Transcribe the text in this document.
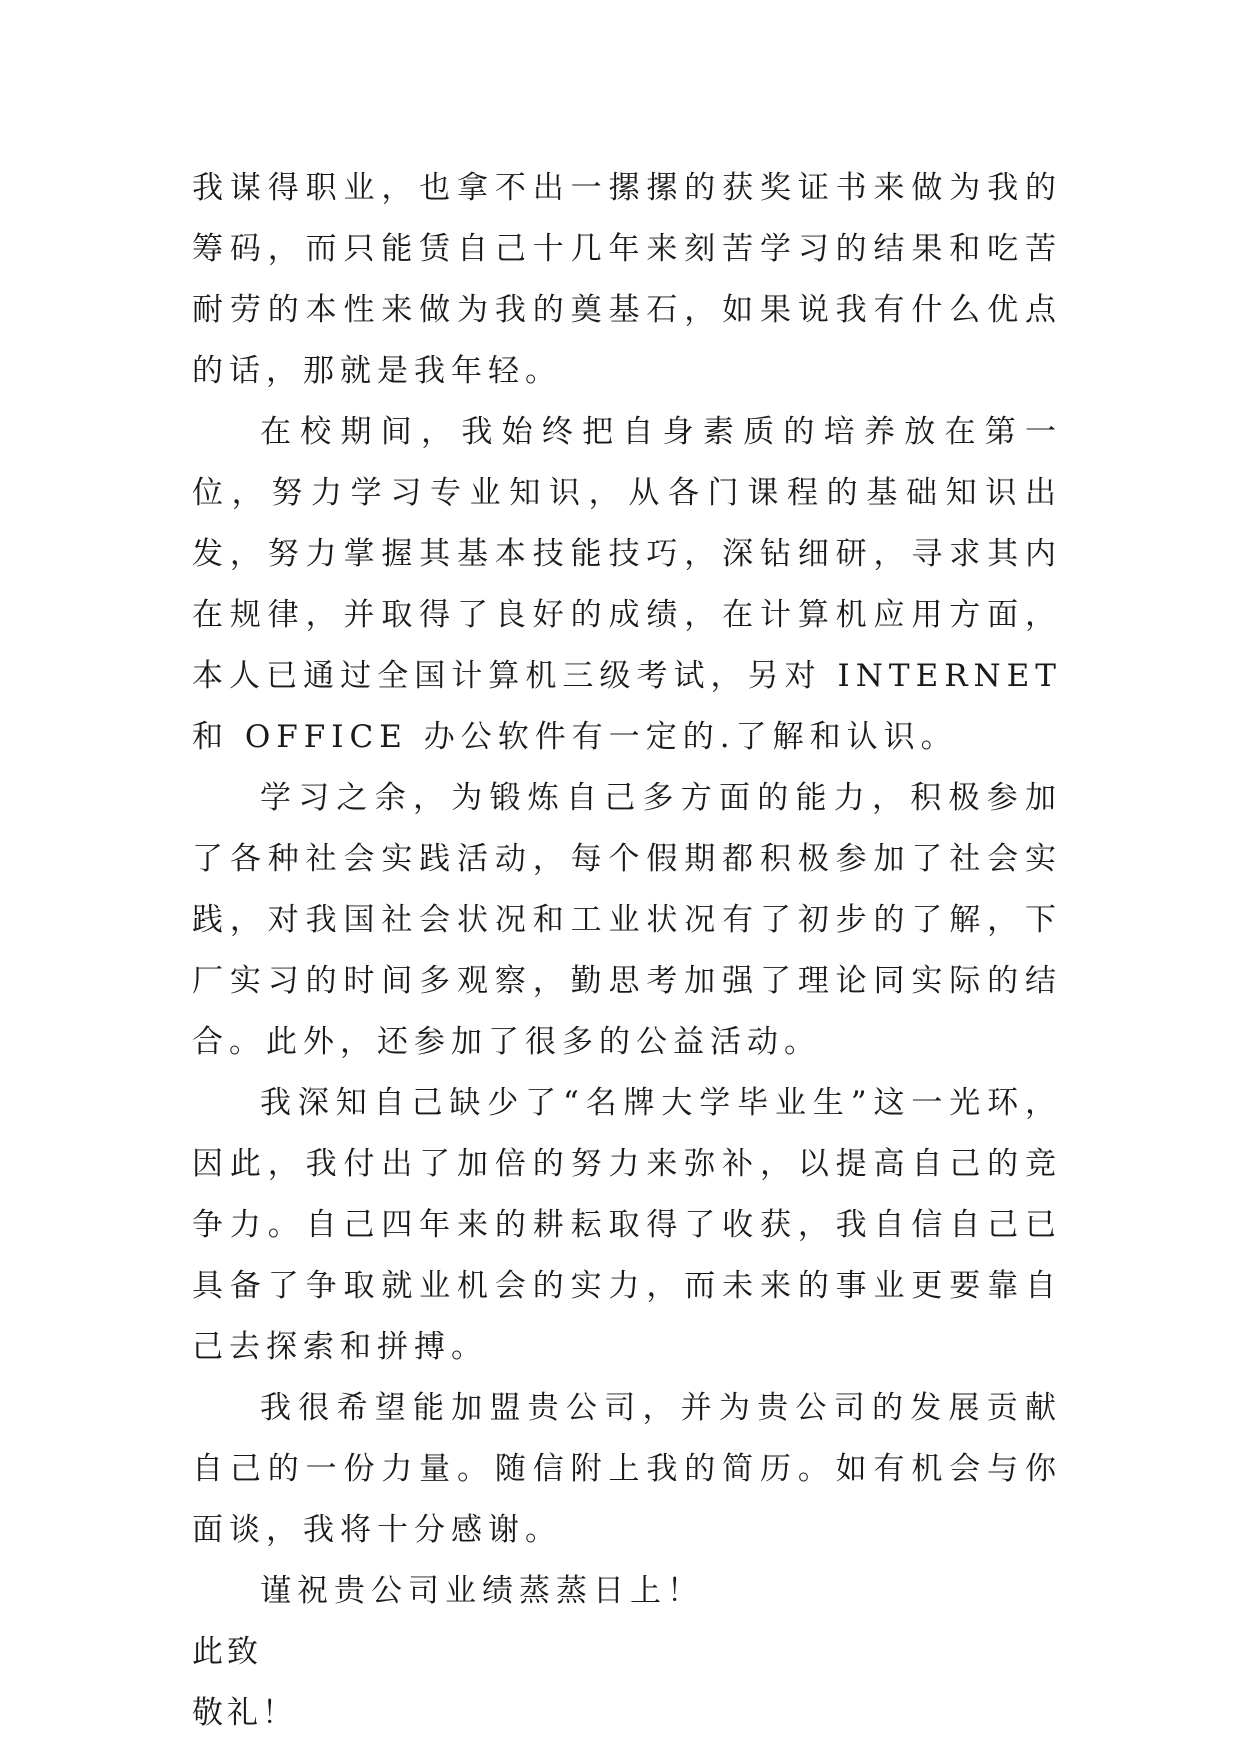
我谋得职业，也拿不出一摞摞的获奖证书来做为我的筹码，而只能赁自己十几年来刻苦学习的结果和吃苦耐劳的本性来做为我的奠基石，如果说我有什么优点的话，那就是我年轻。

在校期间，我始终把自身素质的培养放在第一位，努力学习专业知识，从各门课程的基础知识出发，努力掌握其基本技能技巧，深钻细研，寻求其内在规律，并取得了良好的成绩，在计算机应用方面，本人已通过全国计算机三级考试，另对 INTERNET 和 OFFICE 办公软件有一定的.了解和认识。

学习之余，为锻炼自己多方面的能力，积极参加了各种社会实践活动，每个假期都积极参加了社会实践，对我国社会状况和工业状况有了初步的了解，下厂实习的时间多观察，勤思考加强了理论同实际的结合。此外，还参加了很多的公益活动。

我深知自己缺少了“名牌大学毕业生”这一光环，因此，我付出了加倍的努力来弥补，以提高自己的竞争力。自己四年来的耕耘取得了收获，我自信自己已具备了争取就业机会的实力，而未来的事业更要靠自己去探索和拼搏。

我很希望能加盟贵公司，并为贵公司的发展贡献自己的一份力量。随信附上我的简历。如有机会与你面谈，我将十分感谢。

谨祝贵公司业绩蒸蒸日上！

此致

敬礼！
